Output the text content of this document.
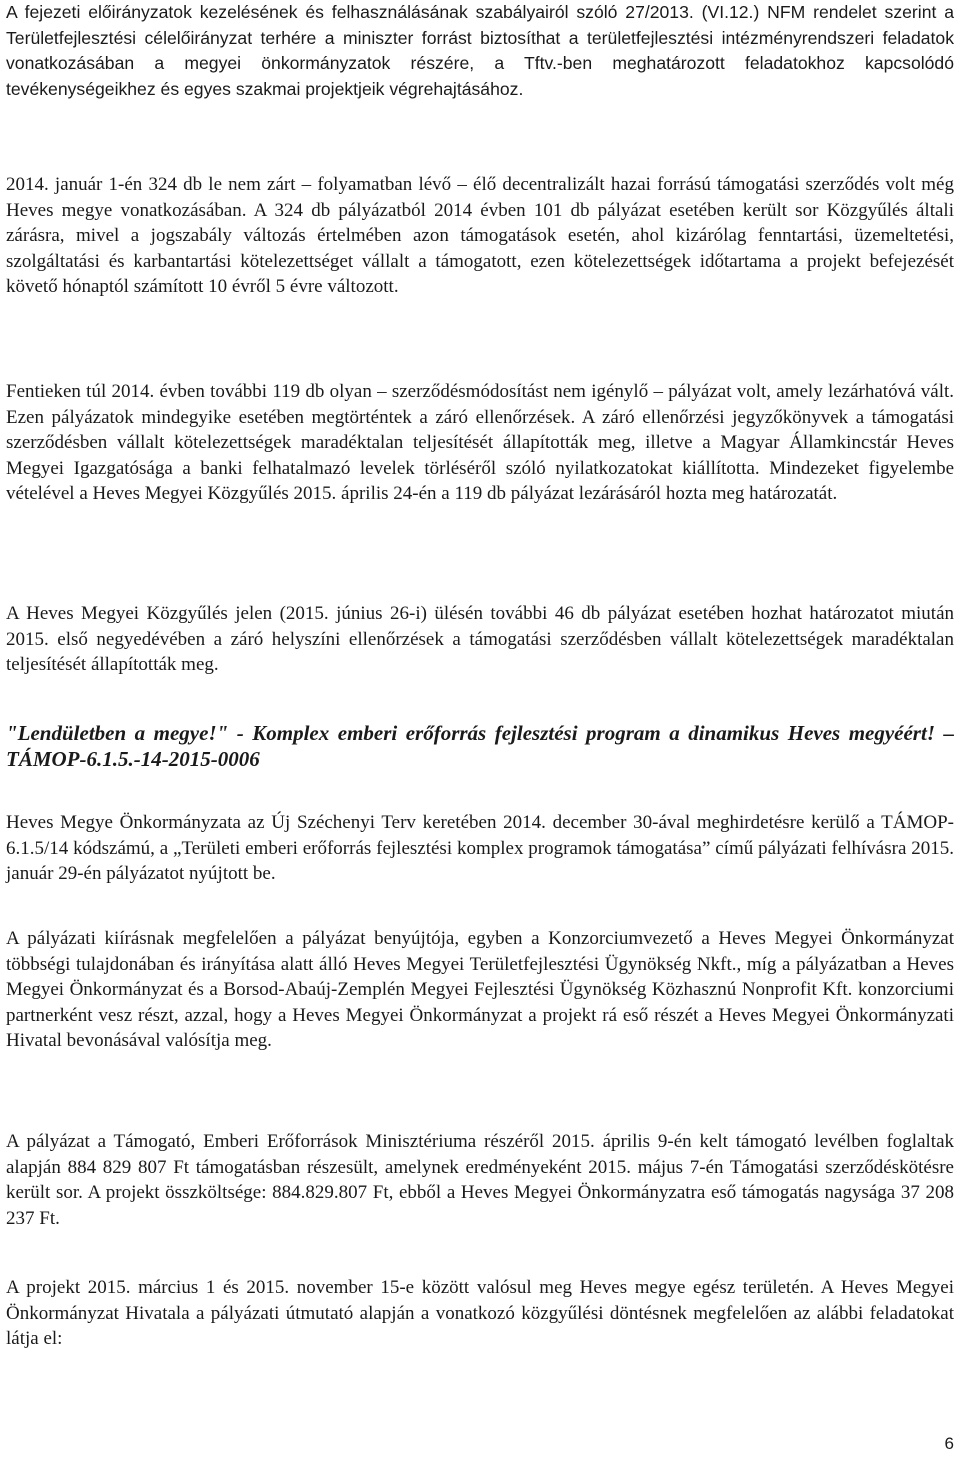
A fejezeti előirányzatok kezelésének és felhasználásának szabályairól szóló 27/2013. (VI.12.) NFM rendelet szerint a Területfejlesztési célelőirányzat terhére a miniszter forrást biztosíthat a területfejlesztési intézményrendszeri feladatok vonatkozásában a megyei önkormányzatok részére, a Tftv.-ben meghatározott feladatokhoz kapcsolódó tevékenységeikhez és egyes szakmai projektjeik végrehajtásához.

2014. január 1-én 324 db le nem zárt – folyamatban lévő – élő decentralizált hazai forrású támogatási szerződés volt még Heves megye vonatkozásában. A 324 db pályázatból 2014 évben 101 db pályázat esetében került sor Közgyűlés általi zárásra, mivel a jogszabály változás értelmében azon támogatások esetén, ahol kizárólag fenntartási, üzemeltetési, szolgáltatási és karbantartási kötelezettséget vállalt a támogatott, ezen kötelezettségek időtartama a projekt befejezését követő hónaptól számított 10 évről 5 évre változott.

Fentieken túl 2014. évben további 119 db olyan – szerződésmódosítást nem igénylő – pályázat volt, amely lezárhatóvá vált. Ezen pályázatok mindegyike esetében megtörténtek a záró ellenőrzések. A záró ellenőrzési jegyzőkönyvek a támogatási szerződésben vállalt kötelezettségek maradéktalan teljesítését állapították meg, illetve a Magyar Államkincstár Heves Megyei Igazgatósága a banki felhatalmazó levelek törléséről szóló nyilatkozatokat kiállította. Mindezeket figyelembe vételével a Heves Megyei Közgyűlés 2015. április 24-én a 119 db pályázat lezárásáról hozta meg határozatát.

A Heves Megyei Közgyűlés jelen (2015. június 26-i) ülésén további 46 db pályázat esetében hozhat határozatot miután 2015. első negyedévében a záró helyszíni ellenőrzések a támogatási szerződésben vállalt kötelezettségek maradéktalan teljesítését állapították meg.

"Lendületben a megye!" - Komplex emberi erőforrás fejlesztési program a dinamikus Heves megyéért! –TÁMOP-6.1.5.-14-2015-0006

Heves Megye Önkormányzata az Új Széchenyi Terv keretében 2014. december 30-ával meghirdetésre kerülő a TÁMOP-6.1.5/14 kódszámú, a „Területi emberi erőforrás fejlesztési komplex programok támogatása” című pályázati felhívásra 2015. január 29-én pályázatot nyújtott be.

A pályázati kiírásnak megfelelően a pályázat benyújtója, egyben a Konzorciumvezető a Heves Megyei Önkormányzat többségi tulajdonában és irányítása alatt álló Heves Megyei Területfejlesztési Ügynökség Nkft., míg a pályázatban a Heves Megyei Önkormányzat és a Borsod-Abaúj-Zemplén Megyei Fejlesztési Ügynökség Közhasznú Nonprofit Kft. konzorciumi partnerként vesz részt, azzal, hogy a Heves Megyei Önkormányzat a projekt rá eső részét a Heves Megyei Önkormányzati Hivatal bevonásával valósítja meg.

A pályázat a Támogató, Emberi Erőforrások Minisztériuma részéről 2015. április 9-én kelt támogató levélben foglaltak alapján 884 829 807 Ft támogatásban részesült, amelynek eredményeként 2015. május 7-én Támogatási szerződéskötésre került sor. A projekt összköltsége: 884.829.807 Ft, ebből a Heves Megyei Önkormányzatra eső támogatás nagysága 37 208 237 Ft.

A projekt 2015. március 1 és 2015. november 15-e között valósul meg Heves megye egész területén. A Heves Megyei Önkormányzat Hivatala a pályázati útmutató alapján a vonatkozó közgyűlési döntésnek megfelelően az alábbi feladatokat látja el:

6
